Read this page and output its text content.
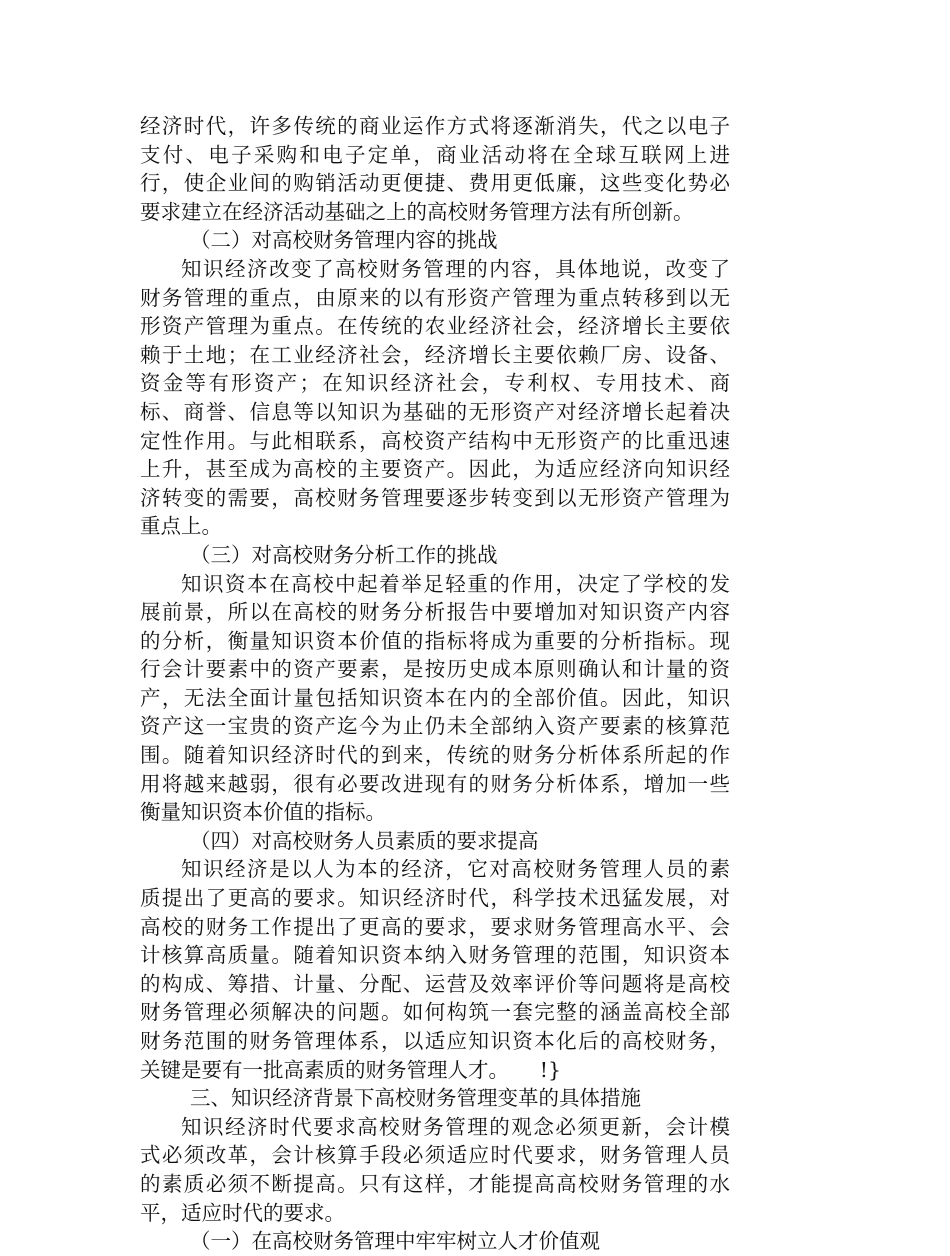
经济时代，许多传统的商业运作方式将逐渐消失，代之以电子
支付、电子采购和电子定单，商业活动将在全球互联网上进
行，使企业间的购销活动更便捷、费用更低廉，这些变化势必
要求建立在经济活动基础之上的高校财务管理方法有所创新。
（二）对高校财务管理内容的挑战
知识经济改变了高校财务管理的内容，具体地说，改变了
财务管理的重点，由原来的以有形资产管理为重点转移到以无
形资产管理为重点。在传统的农业经济社会，经济增长主要依
赖于土地；在工业经济社会，经济增长主要依赖厂房、设备、
资金等有形资产；在知识经济社会，专利权、专用技术、商
标、商誉、信息等以知识为基础的无形资产对经济增长起着决
定性作用。与此相联系，高校资产结构中无形资产的比重迅速
上升，甚至成为高校的主要资产。因此，为适应经济向知识经
济转变的需要，高校财务管理要逐步转变到以无形资产管理为
重点上。
（三）对高校财务分析工作的挑战
知识资本在高校中起着举足轻重的作用，决定了学校的发
展前景，所以在高校的财务分析报告中要增加对知识资产内容
的分析，衡量知识资本价值的指标将成为重要的分析指标。现
行会计要素中的资产要素，是按历史成本原则确认和计量的资
产，无法全面计量包括知识资本在内的全部价值。因此，知识
资产这一宝贵的资产迄今为止仍未全部纳入资产要素的核算范
围。随着知识经济时代的到来，传统的财务分析体系所起的作
用将越来越弱，很有必要改进现有的财务分析体系，增加一些
衡量知识资本价值的指标。
（四）对高校财务人员素质的要求提高
知识经济是以人为本的经济，它对高校财务管理人员的素
质提出了更高的要求。知识经济时代，科学技术迅猛发展，对
高校的财务工作提出了更高的要求，要求财务管理高水平、会
计核算高质量。随着知识资本纳入财务管理的范围，知识资本
的构成、筹措、计量、分配、运营及效率评价等问题将是高校
财务管理必须解决的问题。如何构筑一套完整的涵盖高校全部
财务范围的财务管理体系，以适应知识资本化后的高校财务，
关键是要有一批高素质的财务管理人才。　　!}
三、知识经济背景下高校财务管理变革的具体措施
知识经济时代要求高校财务管理的观念必须更新，会计模
式必须改革，会计核算手段必须适应时代要求，财务管理人员
的素质必须不断提高。只有这样，才能提高高校财务管理的水
平，适应时代的要求。
（一）在高校财务管理中牢牢树立人才价值观
